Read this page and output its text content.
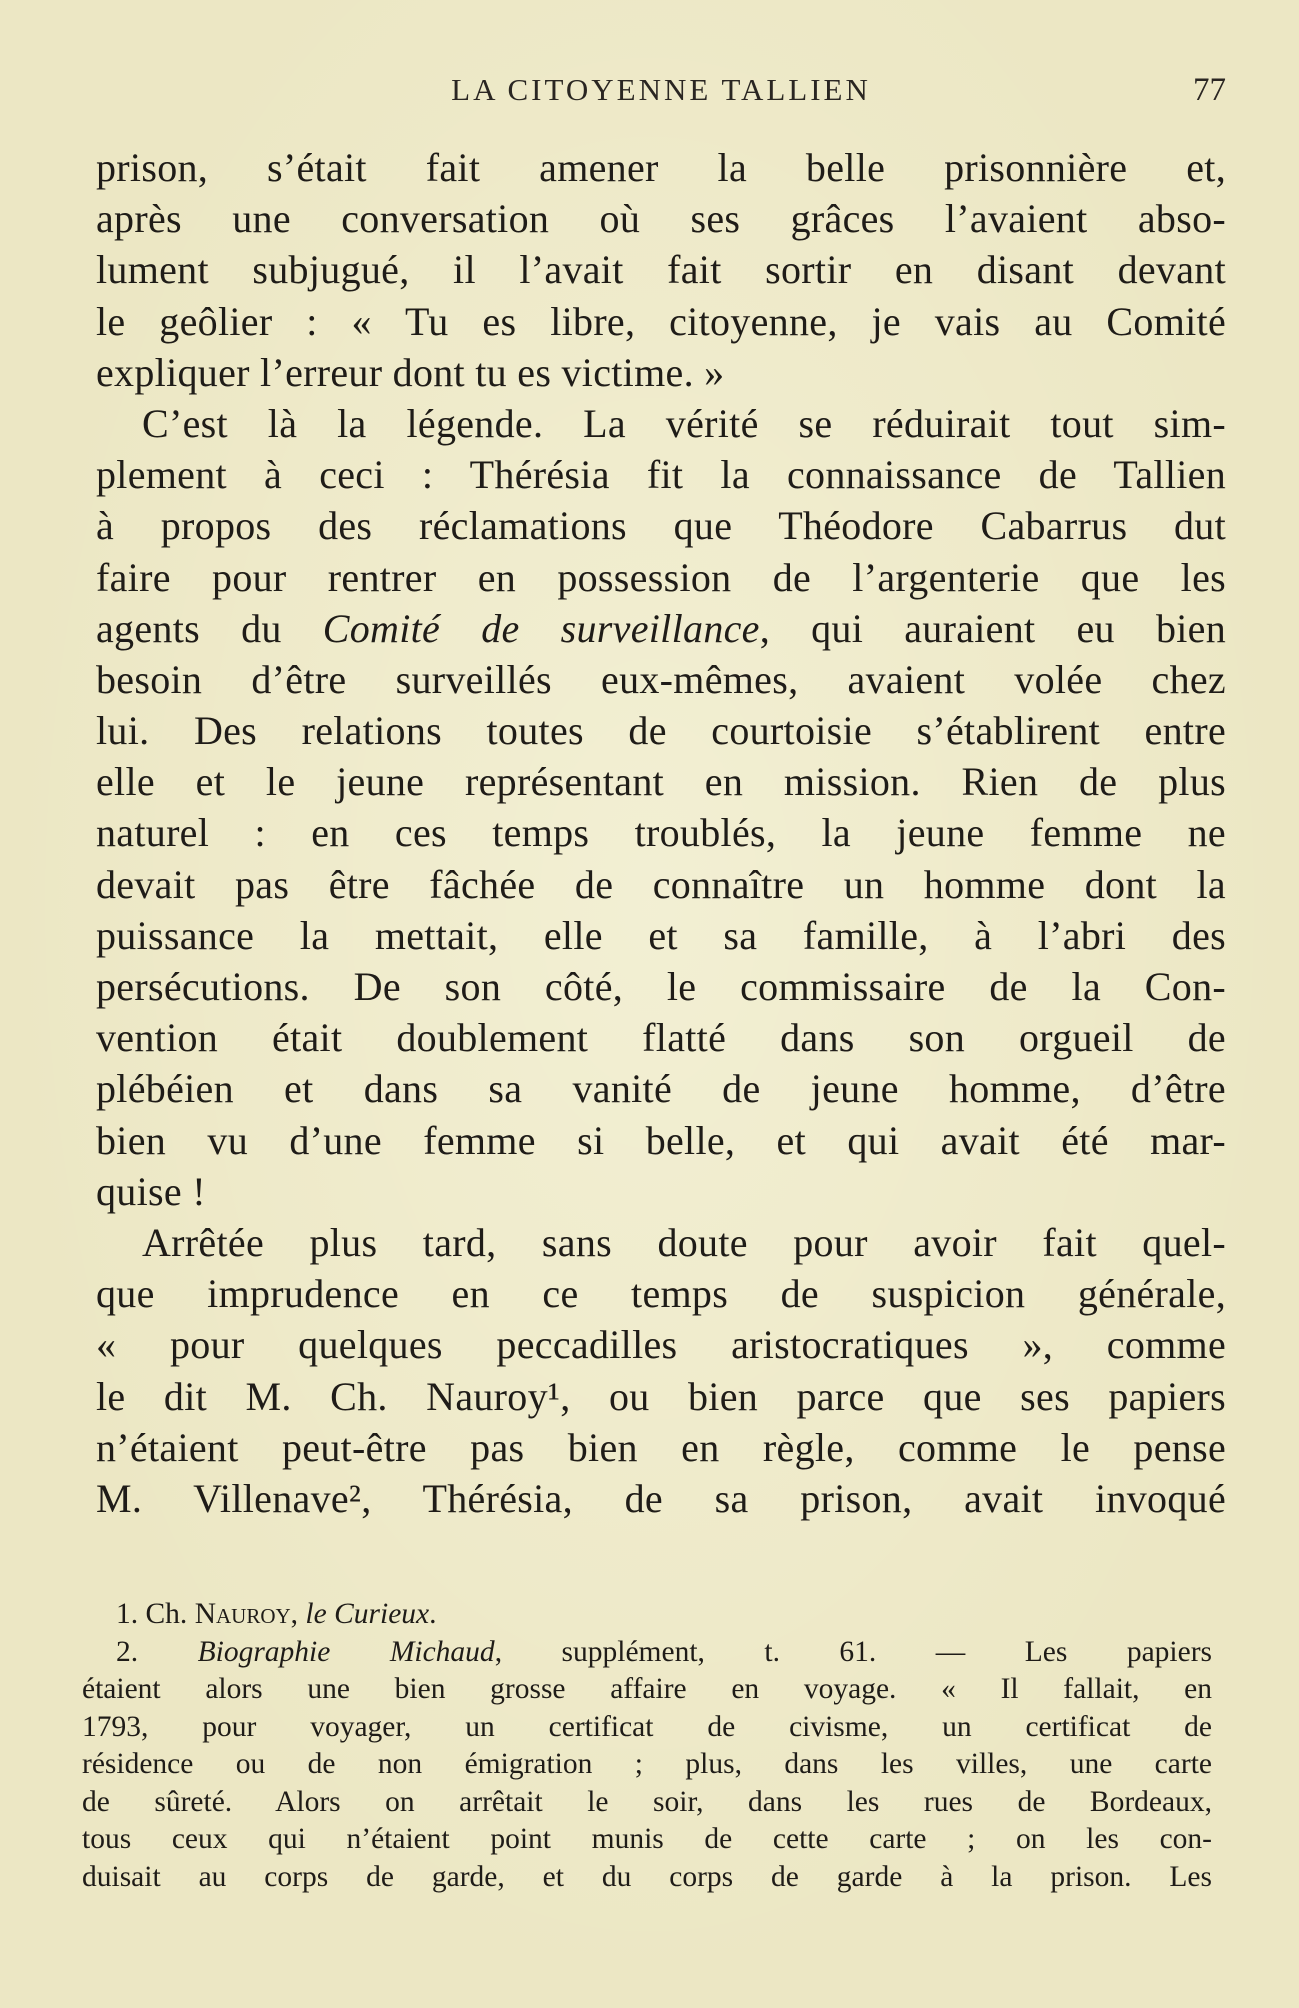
LA CITOYENNE TALLIEN	77
prison, s’était fait amener la belle prisonnière et,
après une conversation où ses grâces l’avaient abso-
lument subjugué, il l’avait fait sortir en disant devant
le geôlier : « Tu es libre, citoyenne, je vais au Comité
expliquer l’erreur dont tu es victime. »
C’est là la légende. La vérité se réduirait tout sim-
plement à ceci : Thérésia fit la connaissance de Tallien
à propos des réclamations que Théodore Cabarrus dut
faire pour rentrer en possession de l’argenterie que les
agents du Comité de surveillance, qui auraient eu bien
besoin d’être surveillés eux-mêmes, avaient volée chez
lui. Des relations toutes de courtoisie s’établirent entre
elle et le jeune représentant en mission. Rien de plus
naturel : en ces temps troublés, la jeune femme ne
devait pas être fâchée de connaître un homme dont la
puissance la mettait, elle et sa famille, à l’abri des
persécutions. De son côté, le commissaire de la Con-
vention était doublement flatté dans son orgueil de
plébéien et dans sa vanité de jeune homme, d’être
bien vu d’une femme si belle, et qui avait été mar-
quise !
Arrêtée plus tard, sans doute pour avoir fait quel-
que imprudence en ce temps de suspicion générale,
« pour quelques peccadilles aristocratiques », comme
le dit M. Ch. Nauroy¹, ou bien parce que ses papiers
n’étaient peut-être pas bien en règle, comme le pense
M. Villenave², Thérésia, de sa prison, avait invoqué
1. Ch. Nauroy, le Curieux.
2. Biographie Michaud, supplément, t. 61. — Les papiers
étaient alors une bien grosse affaire en voyage. « Il fallait, en
1793, pour voyager, un certificat de civisme, un certificat de
résidence ou de non émigration ; plus, dans les villes, une carte
de sûreté. Alors on arrêtait le soir, dans les rues de Bordeaux,
tous ceux qui n’étaient point munis de cette carte ; on les con-
duisait au corps de garde, et du corps de garde à la prison. Les
